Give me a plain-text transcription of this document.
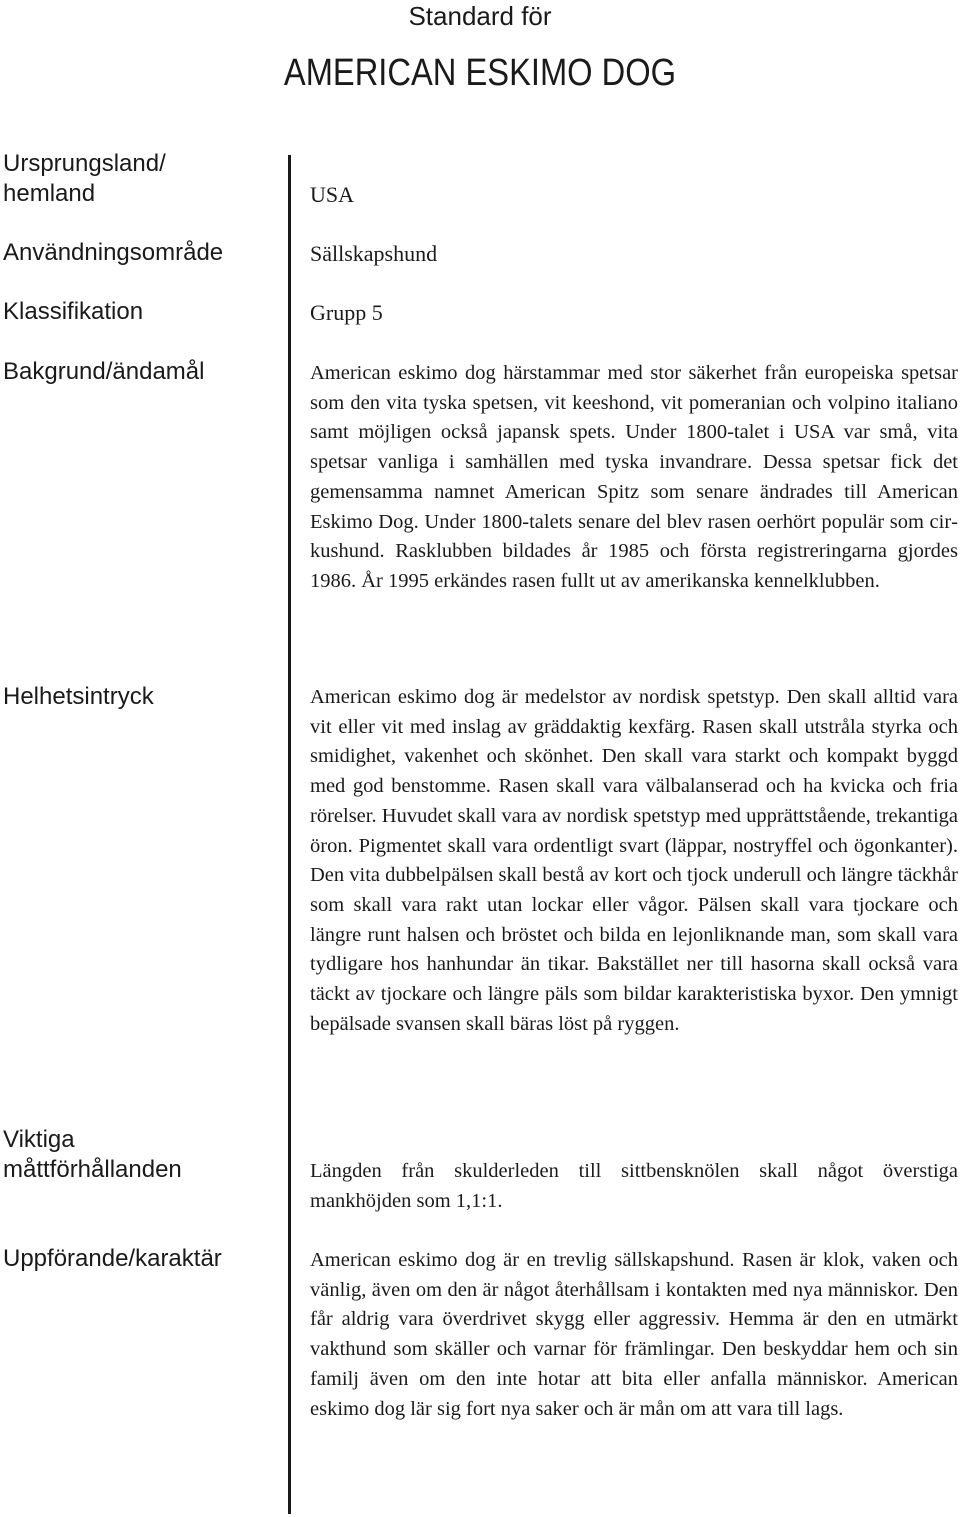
Standard för
AMERICAN ESKIMO DOG
Ursprungsland/ hemland	USA
Användningsområde	Sällskapshund
Klassifikation	Grupp 5
Bakgrund/ändamål	American eskimo dog härstammar med stor säkerhet från europeiska spetsar som den vita tyska spetsen, vit keeshond, vit pomeranian och volpino italiano samt möjligen också japansk spets. Under 1800-talet i USA var små, vita spetsar vanliga i samhällen med tyska invandrare. Dessa spetsar fick det gemensamma namnet American Spitz som senare ändrades till American Eskimo Dog. Under 1800-talets senare del blev rasen oerhört populär som cirkushund. Rasklubben bildades år 1985 och första registreringarna gjordes 1986. År 1995 erkändes rasen fullt ut av amerikanska kennelklubben.
Helhetsintryck	American eskimo dog är medelstor av nordisk spetstyp. Den skall alltid vara vit eller vit med inslag av gräddaktig kexfärg. Rasen skall utstråla styrka och smidighet, vakenhet och skönhet. Den skall vara starkt och kompakt byggd med god benstomme. Rasen skall vara välbalanserad och ha kvicka och fria rörelser. Huvudet skall vara av nordisk spetstyp med upprättstående, trekantiga öron. Pigmentet skall vara ordentligt svart (läppar, nostryffel och ögonkanter). Den vita dubbelpälsen skall bestå av kort och tjock underull och längre täckhår som skall vara rakt utan lockar eller vågor. Pälsen skall vara tjockare och längre runt halsen och bröstet och bilda en lejonliknande man, som skall vara tydligare hos hanhundar än tikar. Bakstället ner till hasorna skall också vara täckt av tjockare och längre päls som bildar karakteristiska byxor. Den ymnigt bepälsade svansen skall bäras löst på ryggen.
Viktiga måttförhållanden	Längden från skulderleden till sittbensknölen skall något överstiga mankhöjden som 1,1:1.
Uppförande/karaktär	American eskimo dog är en trevlig sällskapshund. Rasen är klok, vaken och vänlig, även om den är något återhållsam i kontakten med nya människor. Den får aldrig vara överdrivet skygg eller aggressiv. Hemma är den en utmärkt vakthund som skäller och varnar för främlingar. Den beskyddar hem och sin familj även om den inte hotar att bita eller anfalla människor. American eskimo dog lär sig fort nya saker och är mån om att vara till lags.
